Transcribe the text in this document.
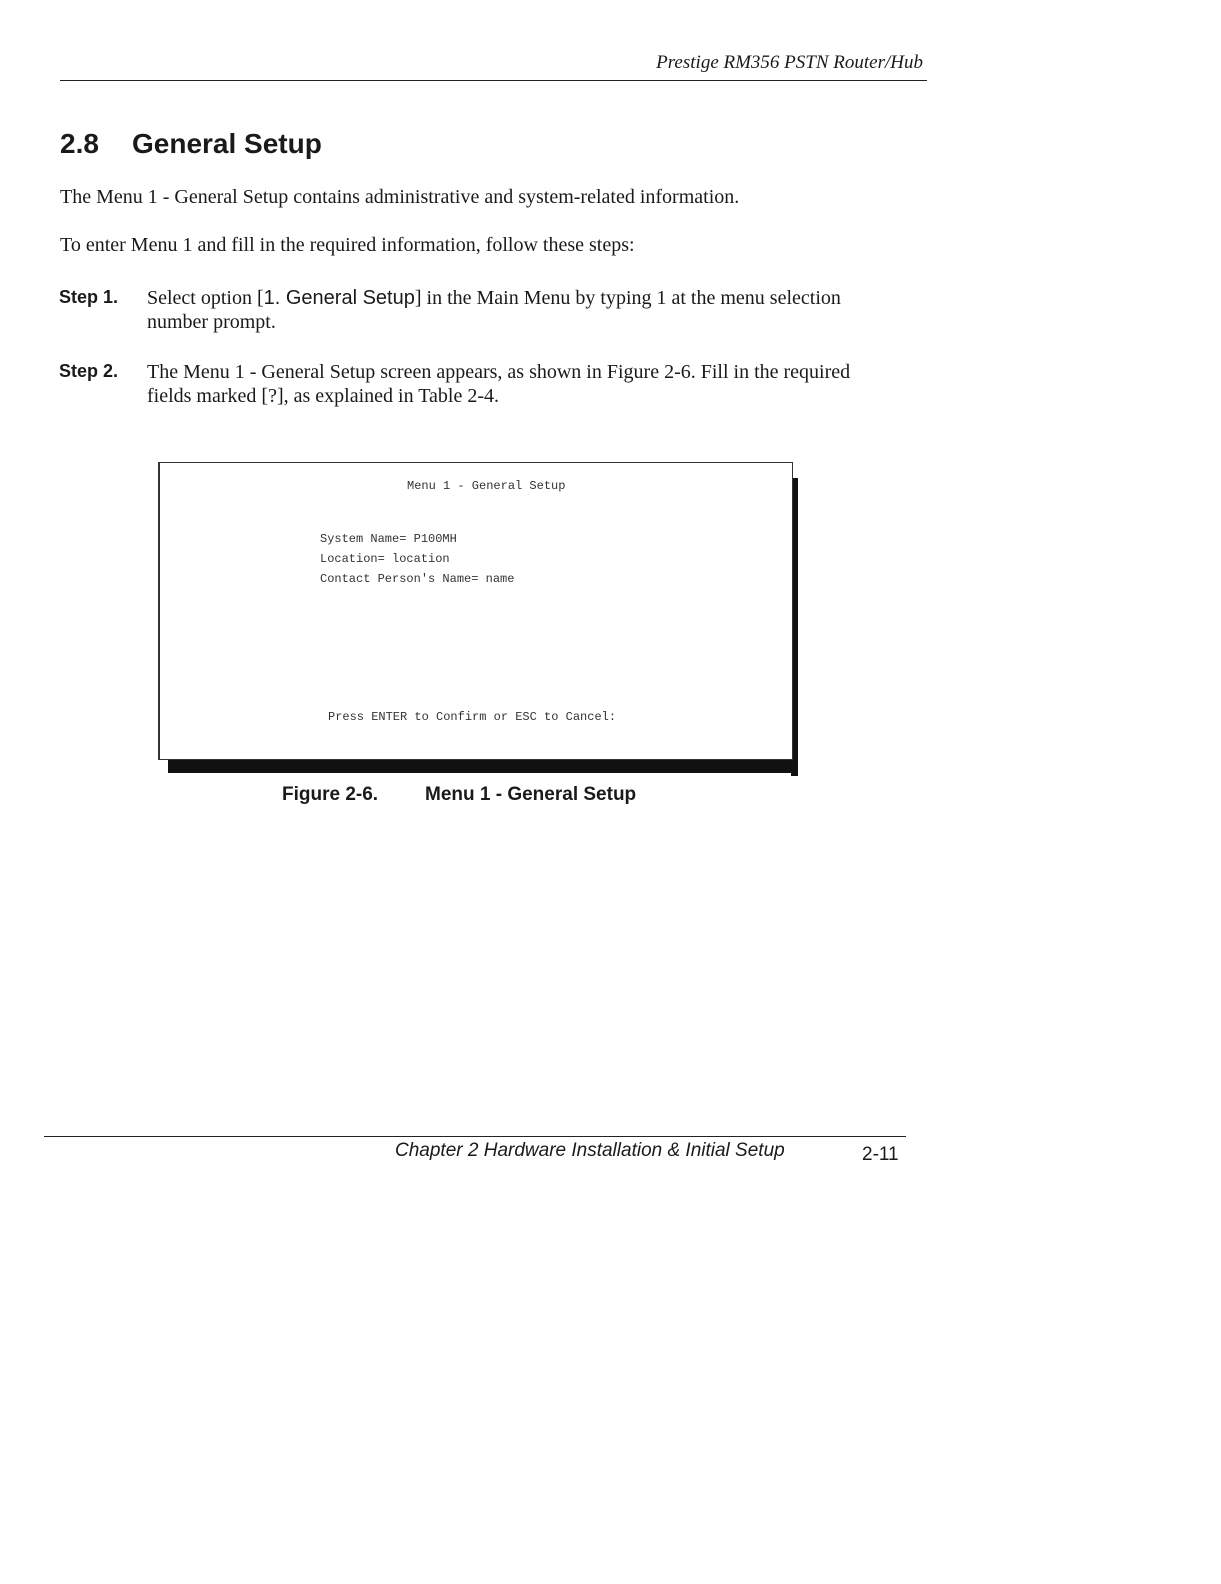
Prestige RM356 PSTN Router/Hub
2.8 General Setup

The Menu 1 - General Setup contains administrative and system-related information.

To enter Menu 1 and fill in the required information, follow these steps:

Step 1. Select option [1. General Setup] in the Main Menu by typing 1 at the menu selection number prompt.

Step 2. The Menu 1 - General Setup screen appears, as shown in Figure 2-6. Fill in the required fields marked [?], as explained in Table 2-4.

Menu 1 - General Setup
System Name= P100MH
Location= location
Contact Person's Name= name
Press ENTER to Confirm or ESC to Cancel:
Figure 2-6. Menu 1 - General Setup
Chapter 2 Hardware Installation & Initial Setup	2-11
